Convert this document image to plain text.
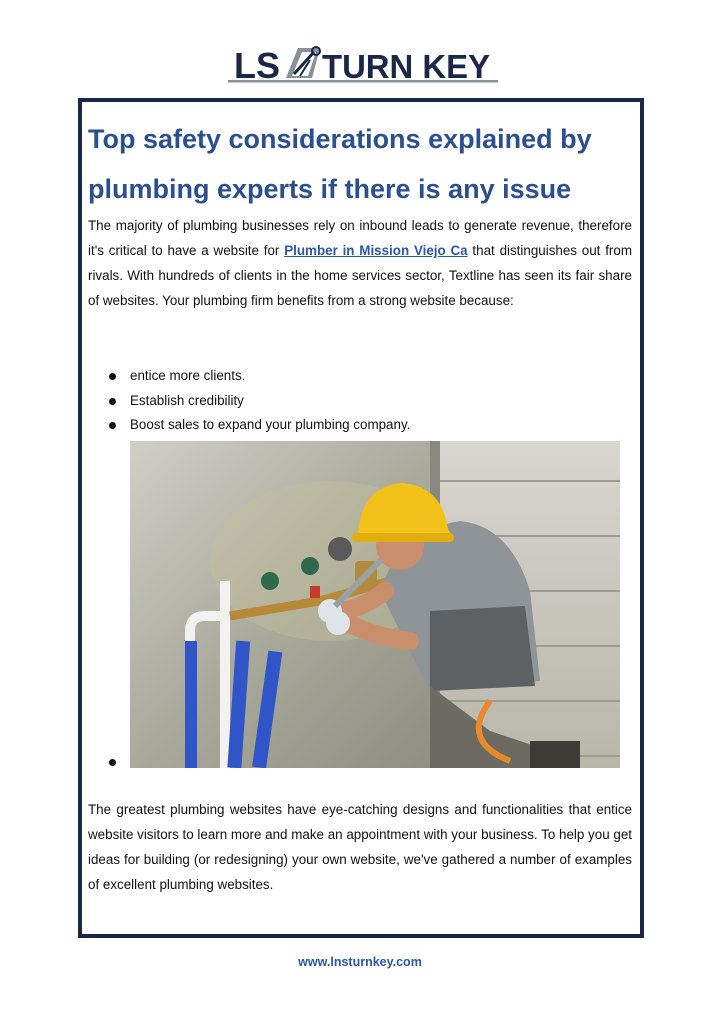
LS TURN KEY
Top safety considerations explained by plumbing experts if there is any issue

The majority of plumbing businesses rely on inbound leads to generate revenue, therefore it's critical to have a website for Plumber in Mission Viejo Ca that distinguishes out from rivals. With hundreds of clients in the home services sector, Textline has seen its fair share of websites. Your plumbing firm benefits from a strong website because:

entice more clients.
Establish credibility
Boost sales to expand your plumbing company.

The greatest plumbing websites have eye-catching designs and functionalities that entice website visitors to learn more and make an appointment with your business. To help you get ideas for building (or redesigning) your own website, we've gathered a number of examples of excellent plumbing websites.

www.lnsturnkey.com
